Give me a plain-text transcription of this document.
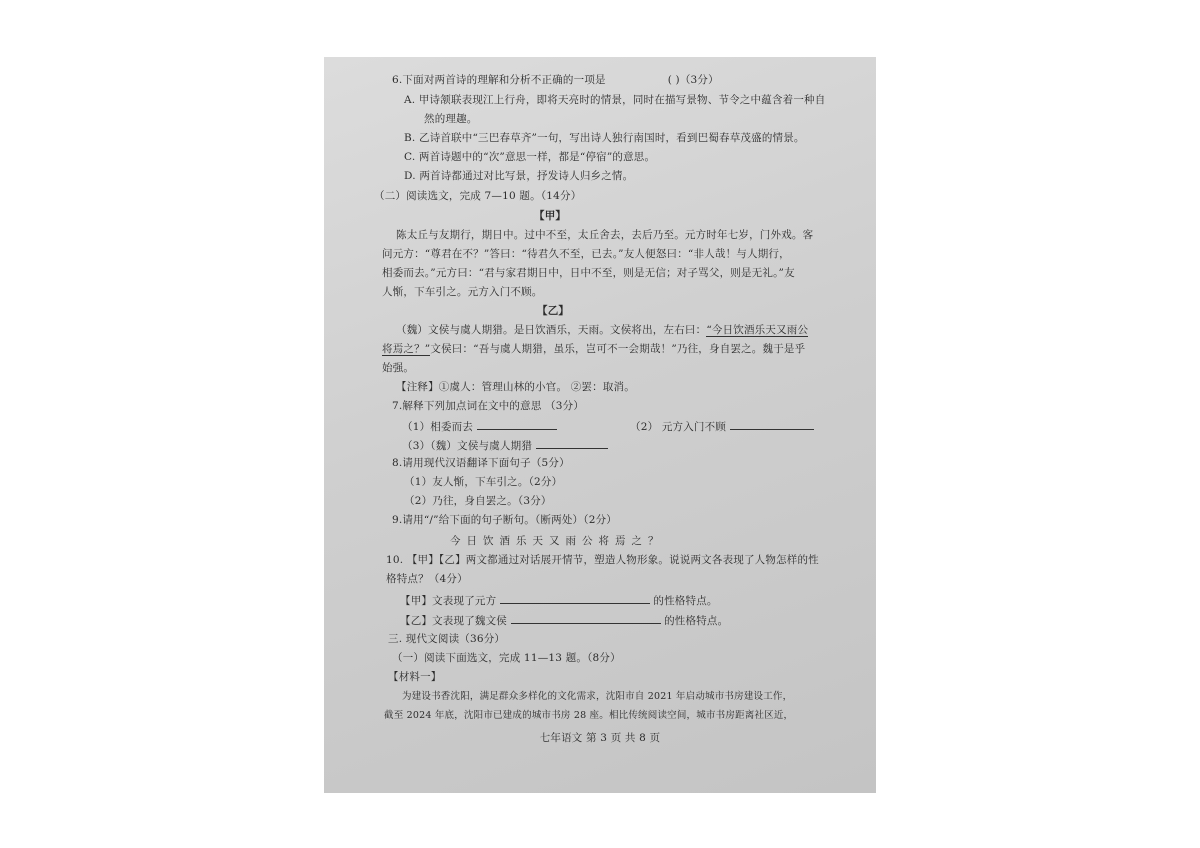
6.下面对两首诗的理解和分析不正确的一项是	( )（3分）
A. 甲诗颔联表现江上行舟，即将天亮时的情景，同时在描写景物、节令之中蕴含着一种自
然的理趣。
B. 乙诗首联中“三巴春草齐”一句，写出诗人独行南国时，看到巴蜀春草茂盛的情景。
C. 两首诗题中的“次”意思一样，都是“停宿”的意思。
D. 两首诗都通过对比写景，抒发诗人归乡之情。
（二）阅读选文，完成 7—10 题。（14分）
【甲】
陈太丘与友期行，期日中。过中不至，太丘舍去，去后乃至。元方时年七岁，门外戏。客
问元方：“尊君在不？”答曰：“待君久不至，已去。”友人便怒曰：“非人哉！与人期行，
相委而去。”元方曰：“君与家君期日中，日中不至，则是无信；对子骂父，则是无礼。”友
人惭，下车引之。元方入门不顾。
【乙】
（魏）文侯与虞人期猎。是日饮酒乐，天雨。文侯将出，左右曰：“今日饮酒乐天又雨公
将焉之？”文侯曰：“吾与虞人期猎，虽乐，岂可不一会期哉！”乃往，身自罢之。魏于是乎
始强。
【注释】①虞人：管理山林的小官。 ②罢：取消。
7.解释下列加点词在文中的意思 （3分）
（1）相委而去	（2） 元方入门不顾
（3）（魏）文侯与虞人期猎
8.请用现代汉语翻译下面句子（5分）
（1）友人惭，下车引之。（2分）
（2）乃往，身自罢之。（3分）
9.请用“/”给下面的句子断句。（断两处）（2分）
今日饮酒乐天又雨公将焉之？
10. 【甲】【乙】两文都通过对话展开情节，塑造人物形象。说说两文各表现了人物怎样的性
格特点？（4分）
【甲】文表现了元方	的性格特点。
【乙】文表现了魏文侯	的性格特点。
三. 现代文阅读（36分）
（一）阅读下面选文，完成 11—13 题。（8分）
【材料一】
为建设书香沈阳，满足群众多样化的文化需求，沈阳市自 2021 年启动城市书房建设工作，
截至 2024 年底，沈阳市已建成的城市书房 28 座。相比传统阅读空间，城市书房距离社区近，
七年语文 第 3 页 共 8 页
